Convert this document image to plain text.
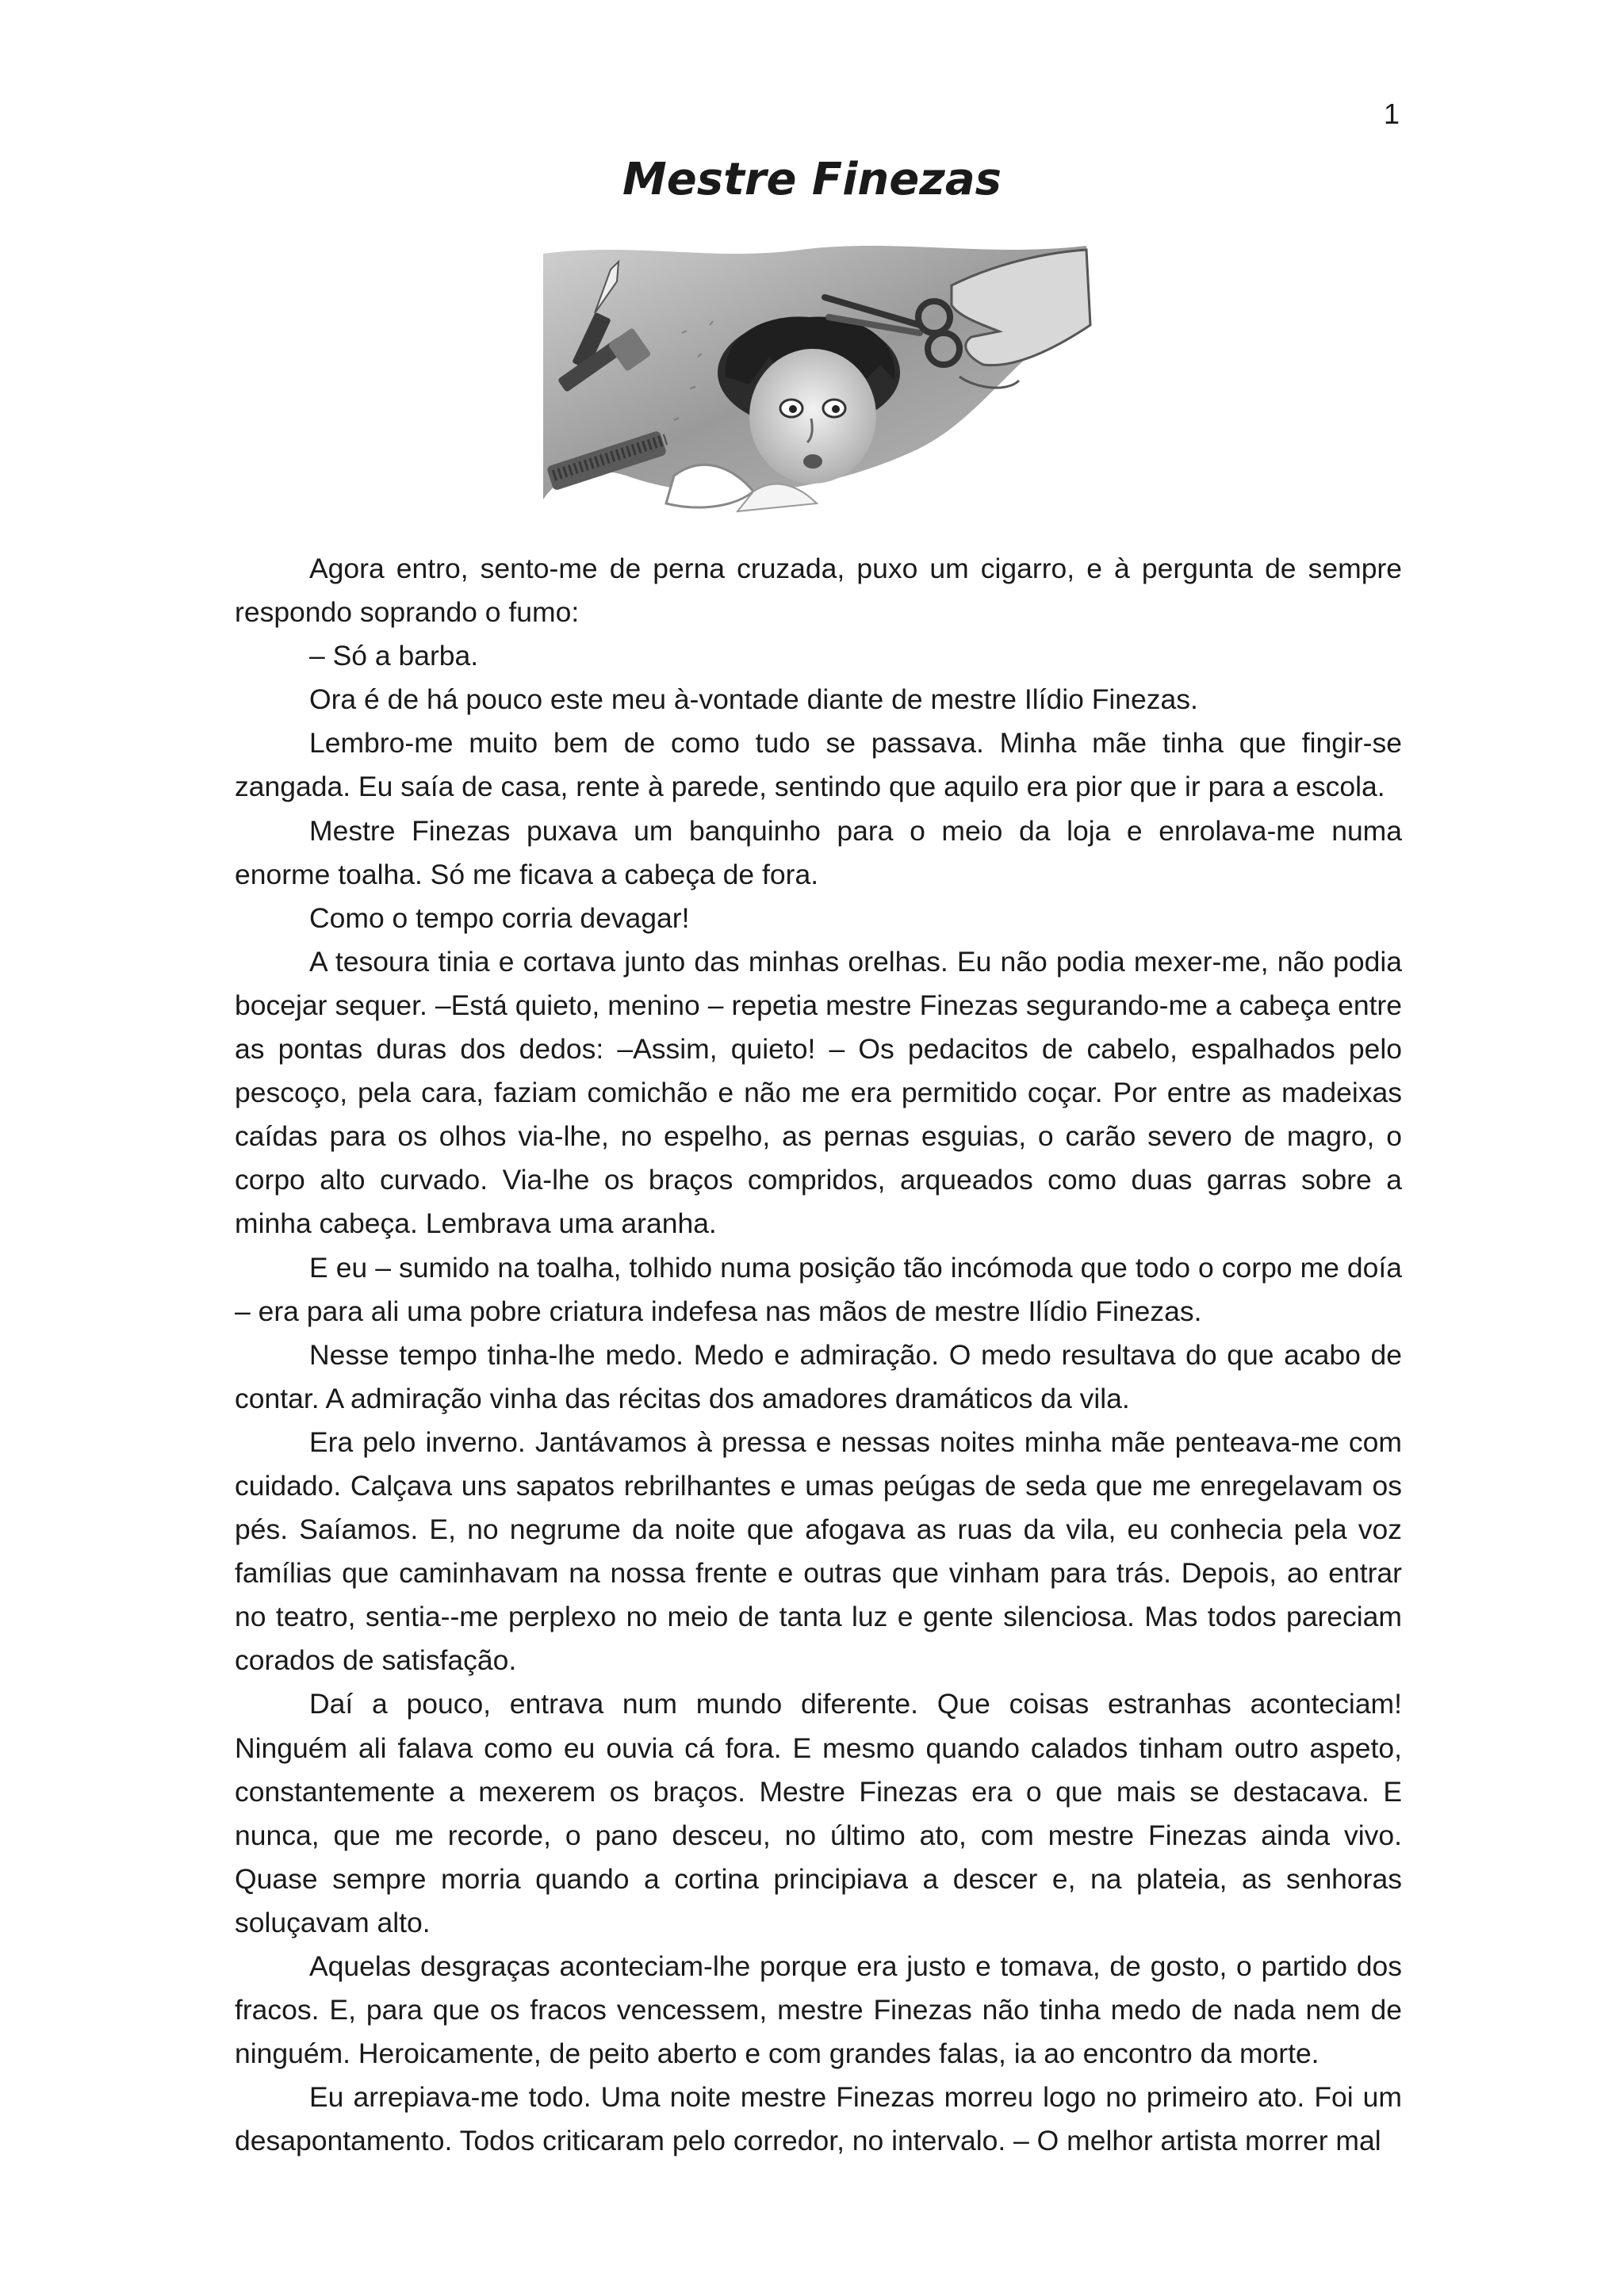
1
Mestre Finezas

Agora entro, sento-me de perna cruzada, puxo um cigarro, e à pergunta de sempre respondo soprando o fumo:

– Só a barba.

Ora é de há pouco este meu à-vontade diante de mestre Ilídio Finezas.

Lembro-me muito bem de como tudo se passava. Minha mãe tinha que fingir-se zangada. Eu saía de casa, rente à parede, sentindo que aquilo era pior que ir para a escola.

Mestre Finezas puxava um banquinho para o meio da loja e enrolava-me numa enorme toalha. Só me ficava a cabeça de fora.

Como o tempo corria devagar!

A tesoura tinia e cortava junto das minhas orelhas. Eu não podia mexer-me, não podia bocejar sequer. –Está quieto, menino – repetia mestre Finezas segurando-me a cabeça entre as pontas duras dos dedos: –Assim, quieto! – Os pedacitos de cabelo, espalhados pelo pescoço, pela cara, faziam comichão e não me era permitido coçar. Por entre as madeixas caídas para os olhos via-lhe, no espelho, as pernas esguias, o carão severo de magro, o corpo alto curvado. Via-lhe os braços compridos, arqueados como duas garras sobre a minha cabeça. Lembrava uma aranha.

E eu – sumido na toalha, tolhido numa posição tão incómoda que todo o corpo me doía – era para ali uma pobre criatura indefesa nas mãos de mestre Ilídio Finezas.

Nesse tempo tinha-lhe medo. Medo e admiração. O medo resultava do que acabo de contar. A admiração vinha das récitas dos amadores dramáticos da vila.

Era pelo inverno. Jantávamos à pressa e nessas noites minha mãe penteava-me com cuidado. Calçava uns sapatos rebrilhantes e umas peúgas de seda que me enregelavam os pés. Saíamos. E, no negrume da noite que afogava as ruas da vila, eu conhecia pela voz famílias que caminhavam na nossa frente e outras que vinham para trás. Depois, ao entrar no teatro, sentia--me perplexo no meio de tanta luz e gente silenciosa. Mas todos pareciam corados de satisfação.

Daí a pouco, entrava num mundo diferente. Que coisas estranhas aconteciam! Ninguém ali falava como eu ouvia cá fora. E mesmo quando calados tinham outro aspeto, constantemente a mexerem os braços. Mestre Finezas era o que mais se destacava. E nunca, que me recorde, o pano desceu, no último ato, com mestre Finezas ainda vivo. Quase sempre morria quando a cortina principiava a descer e, na plateia, as senhoras soluçavam alto.

Aquelas desgraças aconteciam-lhe porque era justo e tomava, de gosto, o partido dos fracos. E, para que os fracos vencessem, mestre Finezas não tinha medo de nada nem de ninguém. Heroicamente, de peito aberto e com grandes falas, ia ao encontro da morte.

Eu arrepiava-me todo. Uma noite mestre Finezas morreu logo no primeiro ato. Foi um desapontamento. Todos criticaram pelo corredor, no intervalo. – O melhor artista morrer mal
